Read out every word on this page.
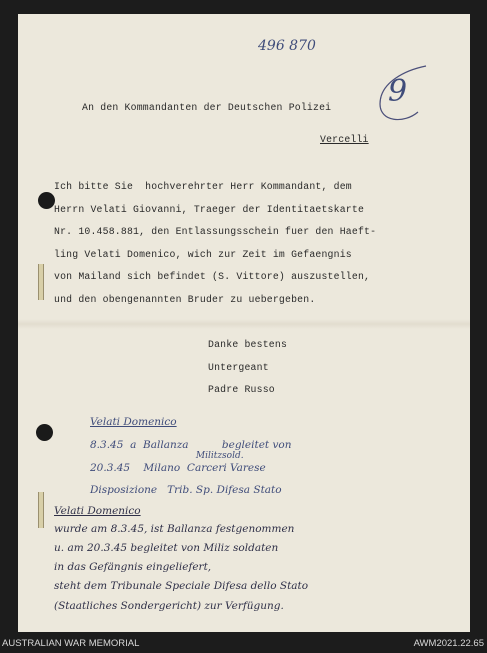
496 870
9
An den Kommandanten der Deutschen Polizei
Vercelli
Ich bitte Sie  hochverehrter Herr Kommandant, dem
Herrn Velati Giovanni, Traeger der Identitaetskarte
Nr. 10.458.881, den Entlassungsschein fuer den Haeft-
ling Velati Domenico, wich zur Zeit im Gefaengnis
von Mailand sich befindet (S. Vittore) auszustellen,
und den obengenannten Bruder zu uebergeben.
Danke bestens
Untergeant
Padre Russo
Velati Domenico
8.3.45  a  Ballanza          begleitet von
Militzsold.
20.3.45    Milano  Carceri Varese
Disposizione   Trib. Sp. Difesa Stato
Velati Domenico
wurde am 8.3.45, ist Ballanza festgenommen
u. am 20.3.45 begleitet von Miliz soldaten
in das Gefängnis eingeliefert,
steht dem Tribunale Speciale Difesa dello Stato
(Staatliches Sondergericht) zur Verfügung.
AUSTRALIAN WAR MEMORIAL	AWM2021.22.65
